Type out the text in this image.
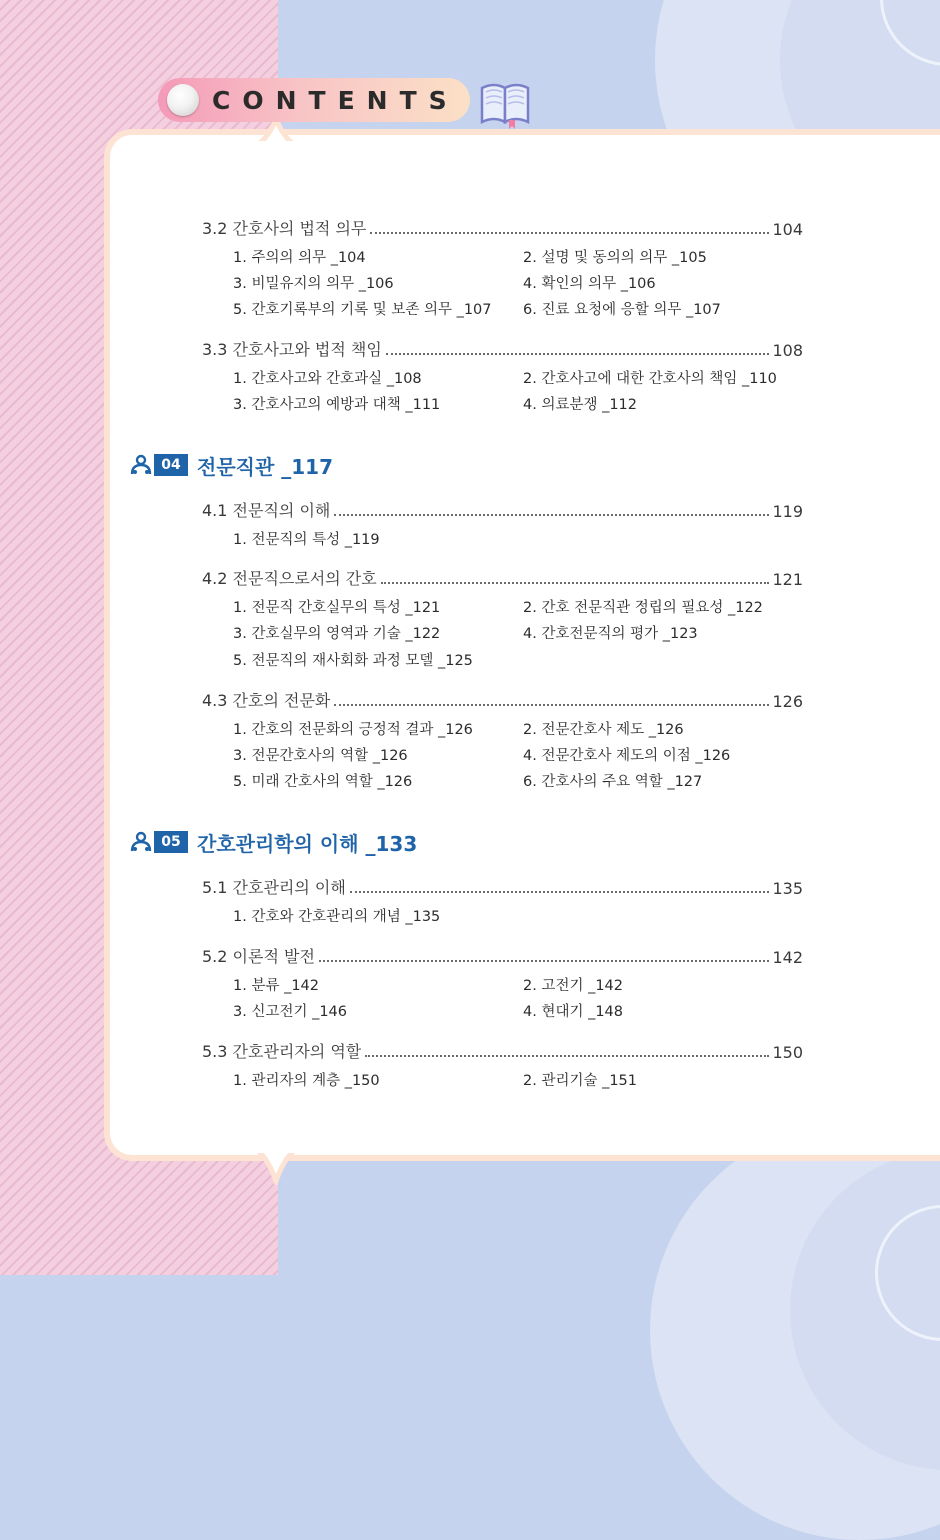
CONTENTS
3.2 간호사의 법적 의무	104
1. 주의의 의무 _104	2. 설명 및 동의의 의무 _105
3. 비밀유지의 의무 _106	4. 확인의 의무 _106
5. 간호기록부의 기록 및 보존 의무 _107 6. 진료 요청에 응할 의무 _107
3.3 간호사고와 법적 책임	108
1. 간호사고와 간호과실 _108	2. 간호사고에 대한 간호사의 책임 _110
3. 간호사고의 예방과 대책 _111	4. 의료분쟁 _112
04 전문직관 _117
4.1 전문직의 이해	119
1. 전문직의 특성 _119
4.2 전문직으로서의 간호	121
1. 전문직 간호실무의 특성 _121	2. 간호 전문직관 정립의 필요성 _122
3. 간호실무의 영역과 기술 _122	4. 간호전문직의 평가 _123
5. 전문직의 재사회화 과정 모델 _125
4.3 간호의 전문화	126
1. 간호의 전문화의 긍정적 결과 _126	2. 전문간호사 제도 _126
3. 전문간호사의 역할 _126	4. 전문간호사 제도의 이점 _126
5. 미래 간호사의 역할 _126	6. 간호사의 주요 역할 _127
05 간호관리학의 이해 _133
5.1 간호관리의 이해	135
1. 간호와 간호관리의 개념 _135
5.2 이론적 발전	142
1. 분류 _142	2. 고전기 _142
3. 신고전기 _146	4. 현대기 _148
5.3 간호관리자의 역할	150
1. 관리자의 계층 _150	2. 관리기술 _151
